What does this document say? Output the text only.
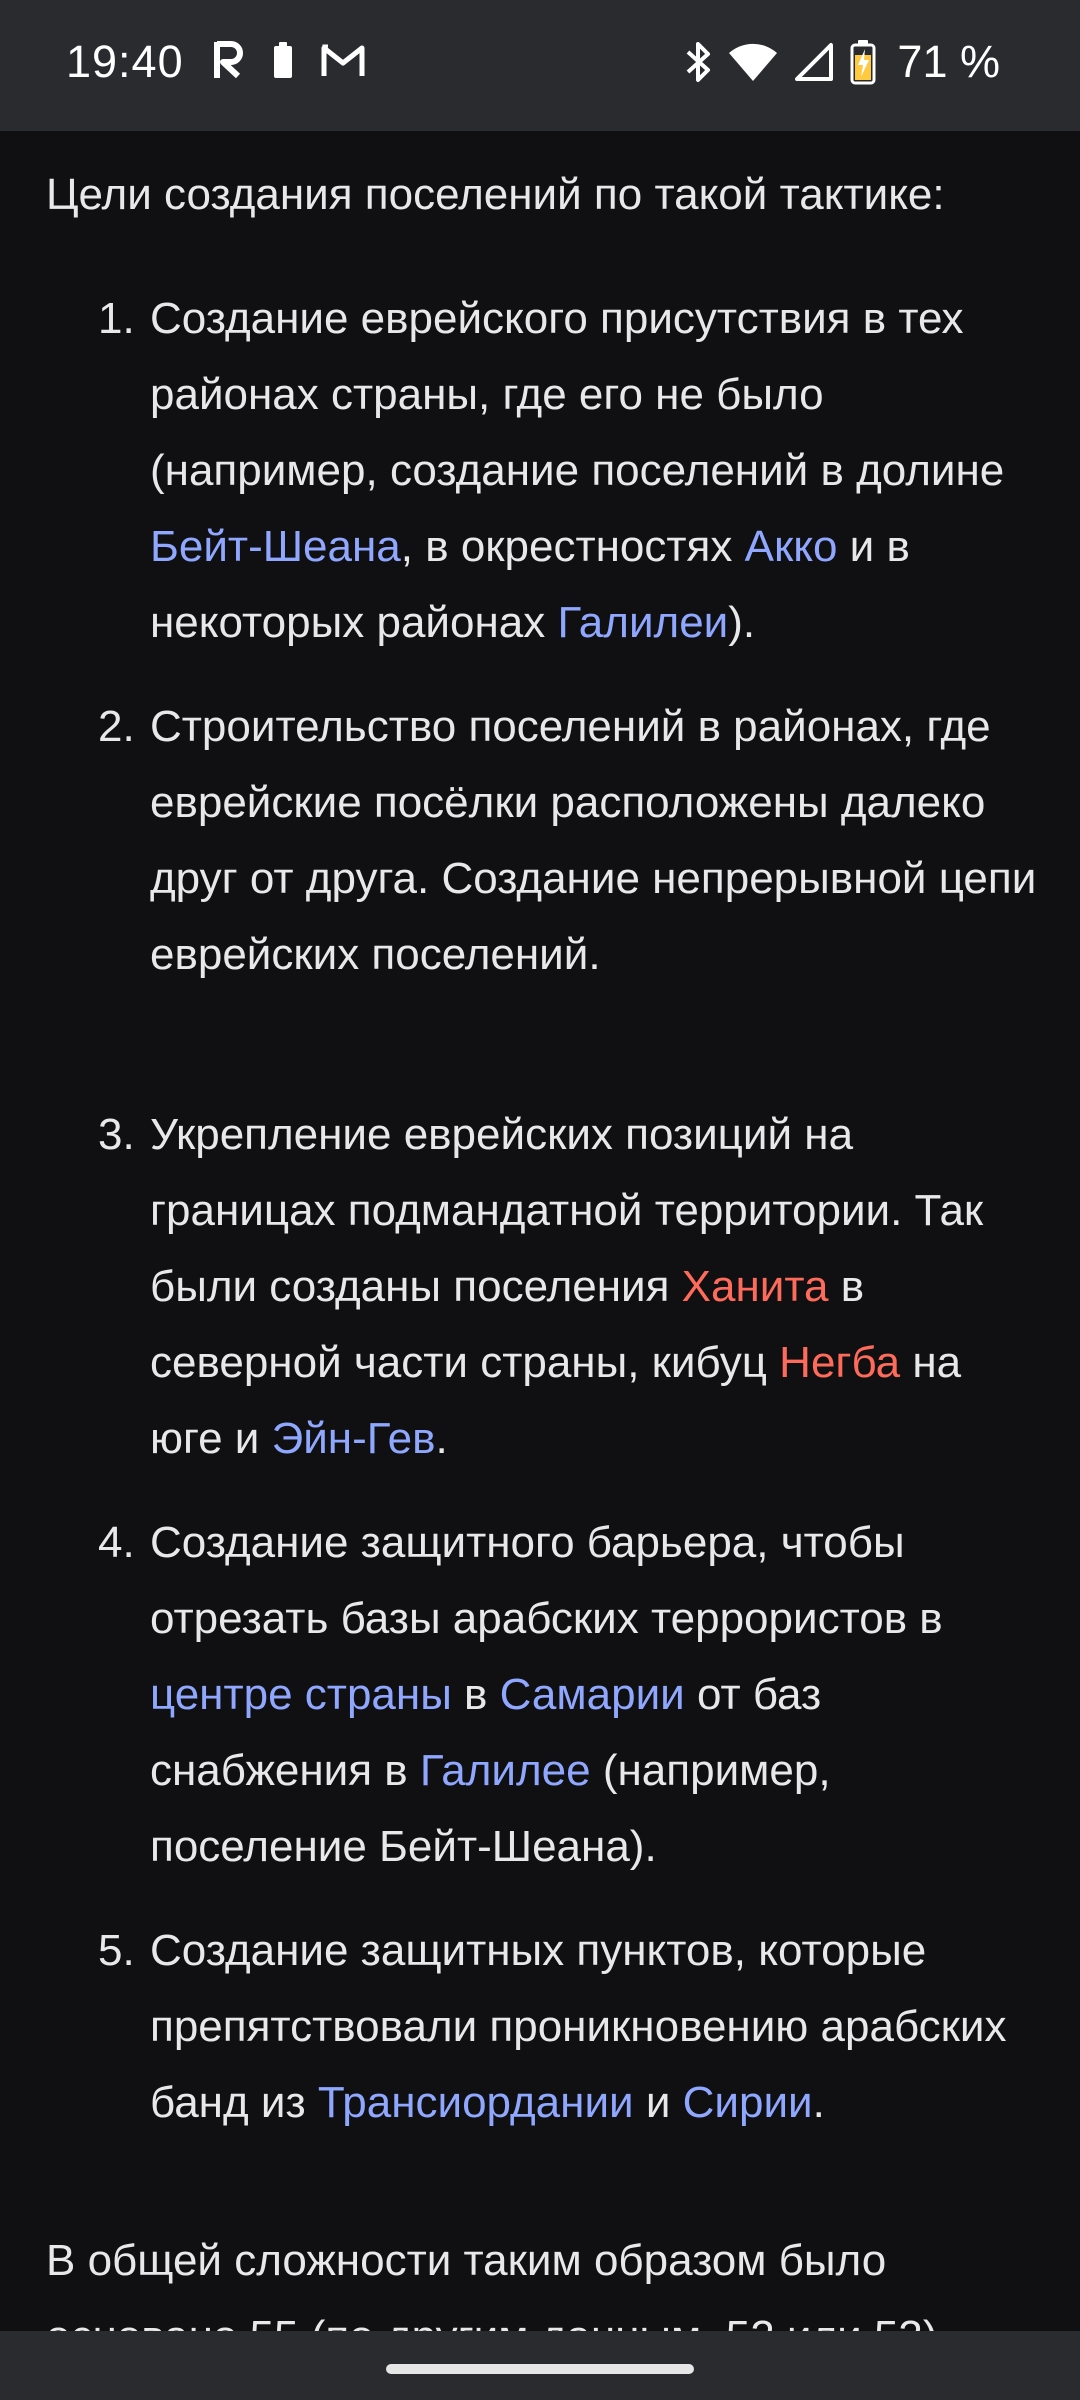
19:40	71 %

Цели создания поселений по такой тактике:

1. Создание еврейского присутствия в тех районах страны, где его не было (например, создание поселений в долине Бейт-Шеана, в окрестностях Акко и в некоторых районах Галилеи).
2. Строительство поселений в районах, где еврейские посёлки расположены далеко друг от друга. Создание непрерывной цепи еврейских поселений.
3. Укрепление еврейских позиций на границах подмандатной территории. Так были созданы поселения Ханита в северной части страны, кибуц Негба на юге и Эйн-Гев.
4. Создание защитного барьера, чтобы отрезать базы арабских террористов в центре страны в Самарии от баз снабжения в Галилее (например, поселение Бейт-Шеана).
5. Создание защитных пунктов, которые препятствовали проникновению арабских банд из Трансиордании и Сирии.

В общей сложности таким образом было
